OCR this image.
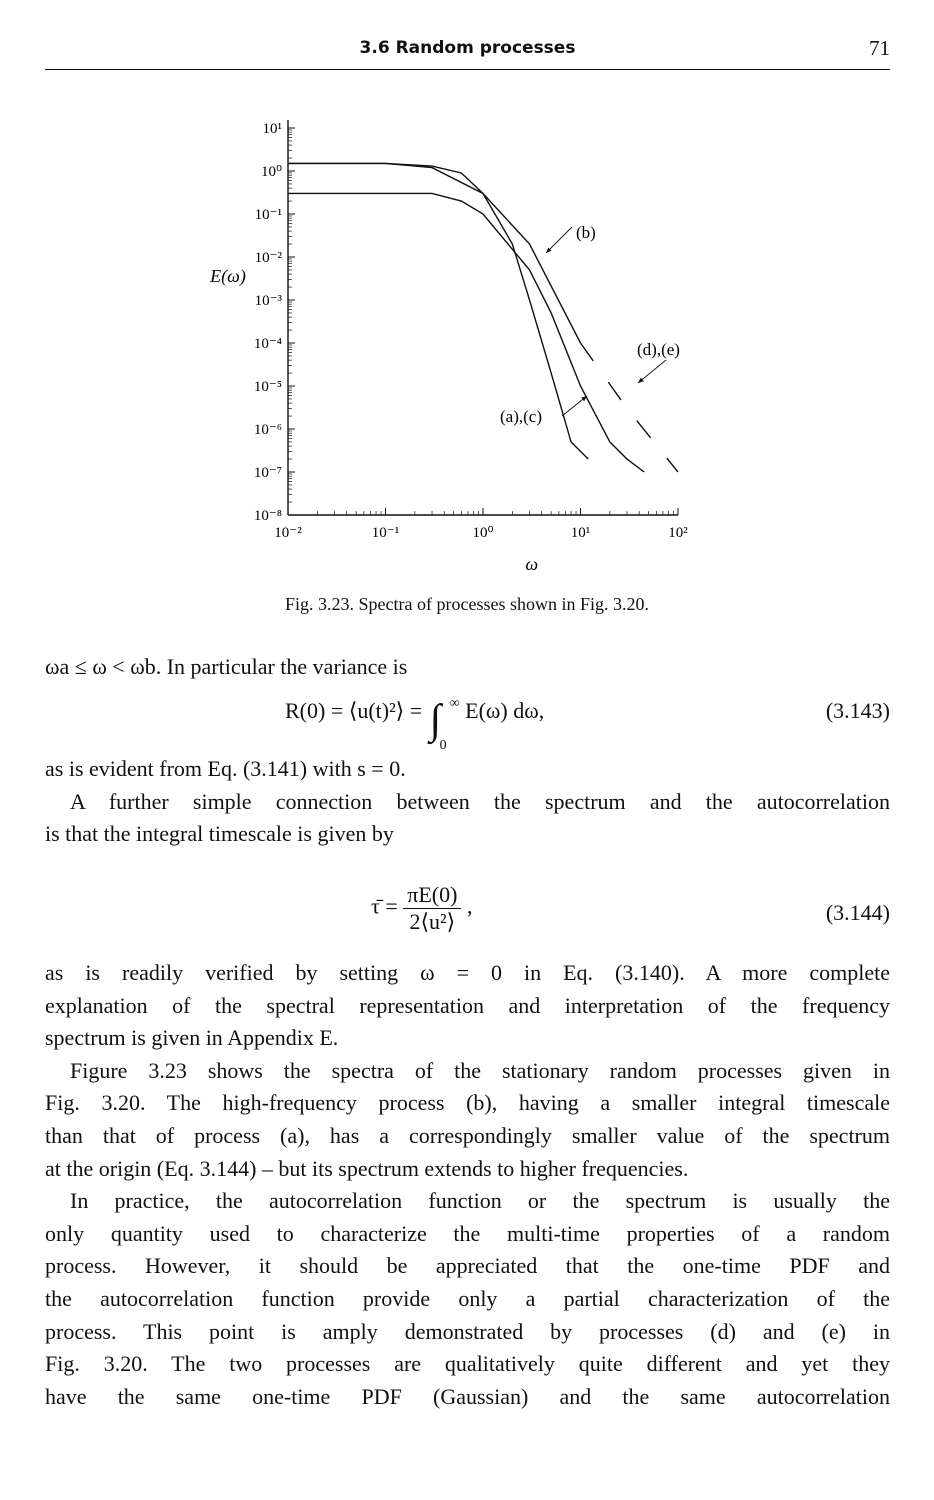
3.6 Random processes	71
10¹
10⁰
10⁻¹
10⁻²
10⁻³
10⁻⁴
10⁻⁵
10⁻⁶
10⁻⁷
10⁻⁸
10⁻²	10⁻¹	10⁰	10¹	10²
E(ω)
ω
(b)
(d),(e)
(a),(c)
Fig. 3.23. Spectra of processes shown in Fig. 3.20.
ωa ≤ ω < ωb. In particular the variance is
R(0) = ⟨u(t)²⟩ = ∫ ∞
0
E(ω) dω,	(3.143)
as is evident from Eq. (3.141) with s = 0.
A further simple connection between the spectrum and the autocorrelation
is that the integral timescale is given by
τ̄ = $\frac{\pi E(0)}{\text{2⟨u²⟩}}$ ,	(3.144)
as is readily verified by setting ω = 0 in Eq. (3.140). A more complete
explanation of the spectral representation and interpretation of the frequency
spectrum is given in Appendix E.
Figure 3.23 shows the spectra of the stationary random processes given in
Fig. 3.20. The high-frequency process (b), having a smaller integral timescale
than that of process (a), has a correspondingly smaller value of the spectrum
at the origin (Eq. 3.144) – but its spectrum extends to higher frequencies.
In practice, the autocorrelation function or the spectrum is usually the
only quantity used to characterize the multi-time properties of a random
process. However, it should be appreciated that the one-time PDF and
the autocorrelation function provide only a partial characterization of the
process. This point is amply demonstrated by processes (d) and (e) in
Fig. 3.20. The two processes are qualitatively quite different and yet they
have the same one-time PDF (Gaussian) and the same autocorrelation
